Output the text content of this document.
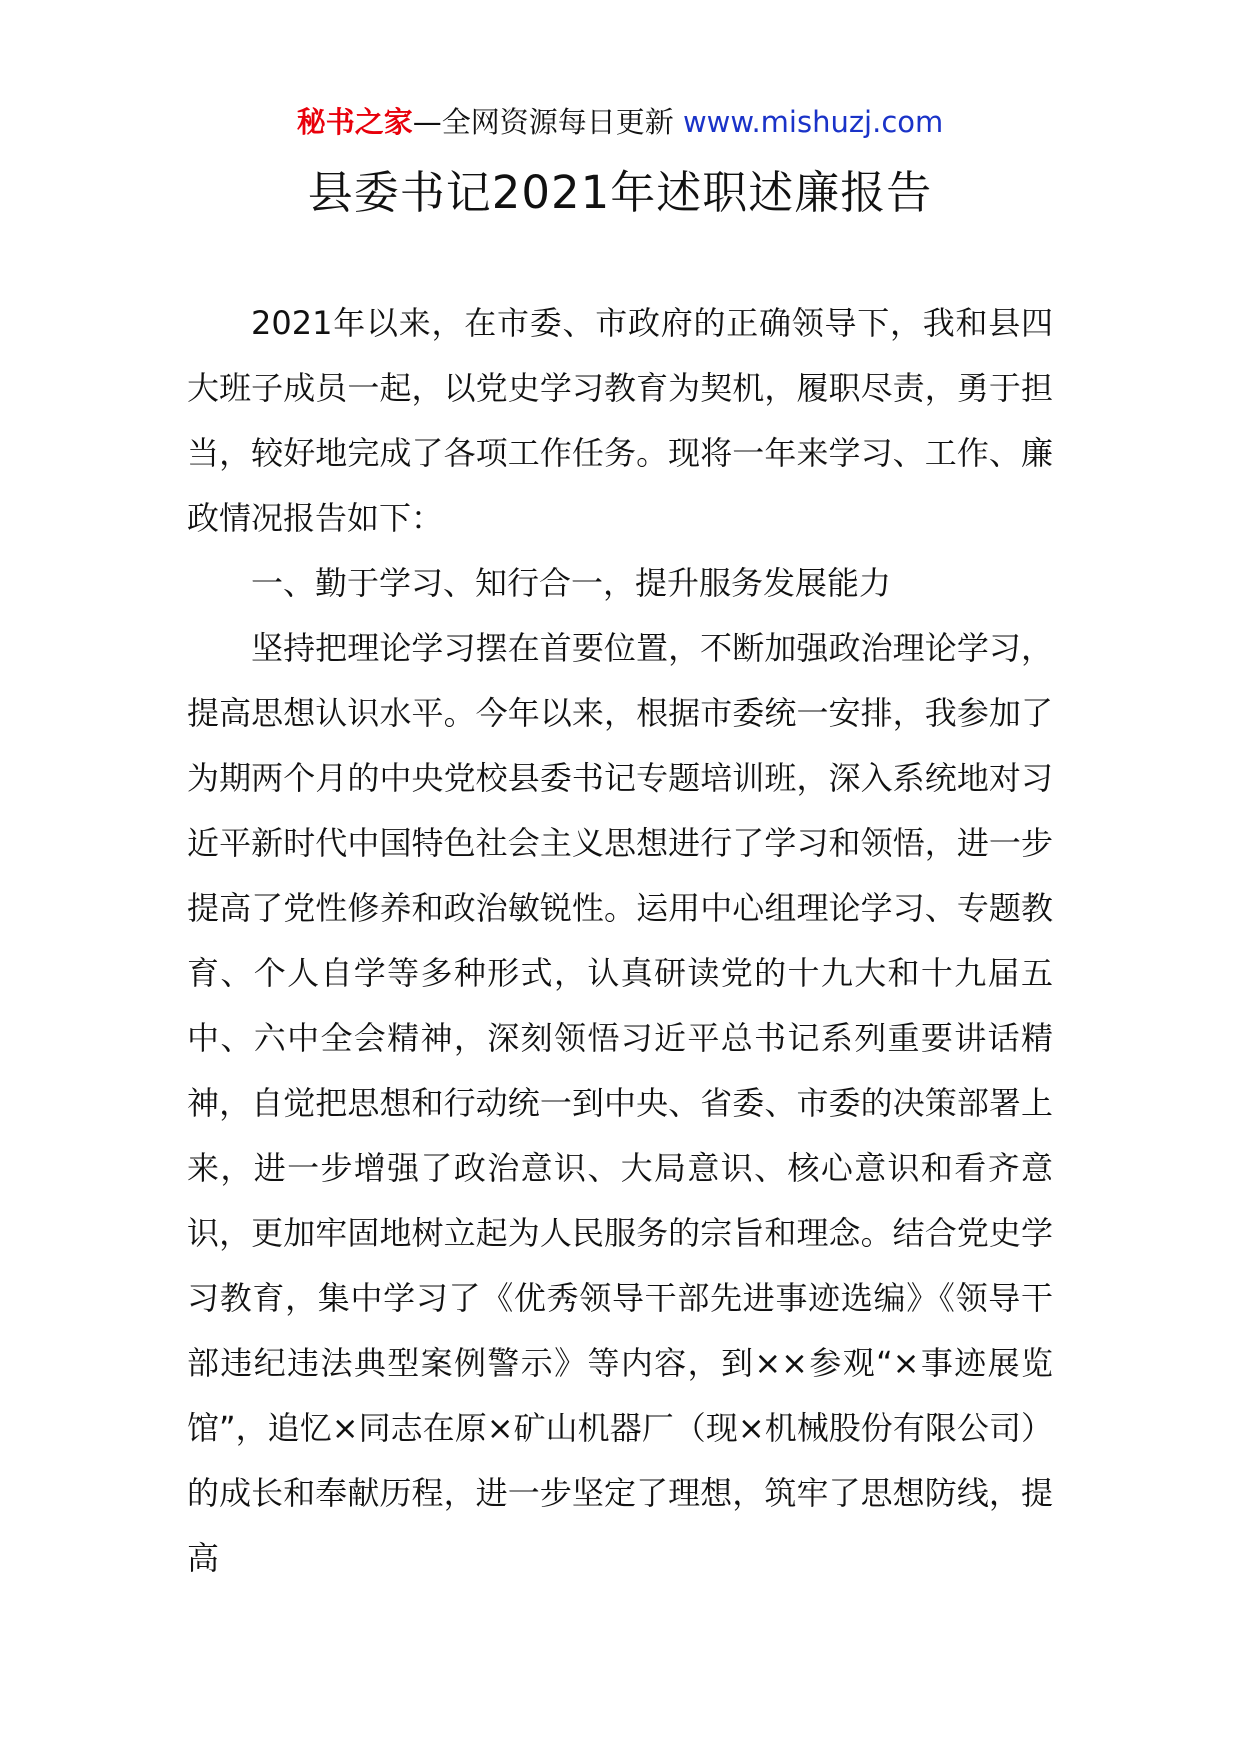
秘书之家—全网资源每日更新 www.mishuzj.com
县委书记2021年述职述廉报告

2021年以来，在市委、市政府的正确领导下，我和县四大班子成员一起，以党史学习教育为契机，履职尽责，勇于担当，较好地完成了各项工作任务。现将一年来学习、工作、廉政情况报告如下：

一、勤于学习、知行合一，提升服务发展能力

坚持把理论学习摆在首要位置，不断加强政治理论学习，提高思想认识水平。今年以来，根据市委统一安排，我参加了为期两个月的中央党校县委书记专题培训班，深入系统地对习近平新时代中国特色社会主义思想进行了学习和领悟，进一步提高了党性修养和政治敏锐性。运用中心组理论学习、专题教育、个人自学等多种形式，认真研读党的十九大和十九届五中、六中全会精神，深刻领悟习近平总书记系列重要讲话精神，自觉把思想和行动统一到中央、省委、市委的决策部署上来，进一步增强了政治意识、大局意识、核心意识和看齐意识，更加牢固地树立起为人民服务的宗旨和理念。结合党史学习教育，集中学习了《优秀领导干部先进事迹选编》《领导干部违纪违法典型案例警示》等内容，到××参观“×事迹展览馆”，追忆×同志在原×矿山机器厂（现×机械股份有限公司）的成长和奉献历程，进一步坚定了理想，筑牢了思想防线，提高
